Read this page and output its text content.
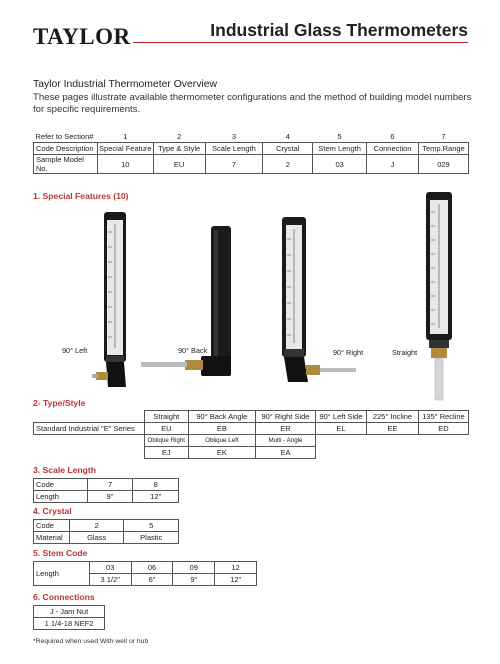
TAYLOR	Industrial Glass Thermometers

Taylor Industrial Thermometer Overview

These pages illustrate available thermometer configurations and the method of building model numbers for specific requirements.

Refer to Section#	1	2	3	4	5	6	7
Code Description	Special Feature	Type & Style	Scale Length	Crystal	Stem Length	Connection	Temp.Range
Sample Model No.	10	EU	7	2	03	J	029
1. Special Features (10)
90° Left	90° Back	90° Right	Straight
2- Type/Style
	Straight	90° Back Angle	90° Right Side	90° Left Side	225° Incline	135° Recline
Standard Industrial "E" Series	EU	EB	ER	EL	EE	ED
	Oblique Right	Oblique Left	Multi - Angle			
	EJ	EK	EA			
3. Scale Length
Code	7	8
Length	9"	12"
4. Crystal
Code	2	5
Material	Glass	Plastic
5. Stem Code
Length	03	06	09	12
	3 1/2"	6"	9"	12"
6. Connections
J - Jam Nut
1 1/4-18 NEF2
*Required when used With well or hub
